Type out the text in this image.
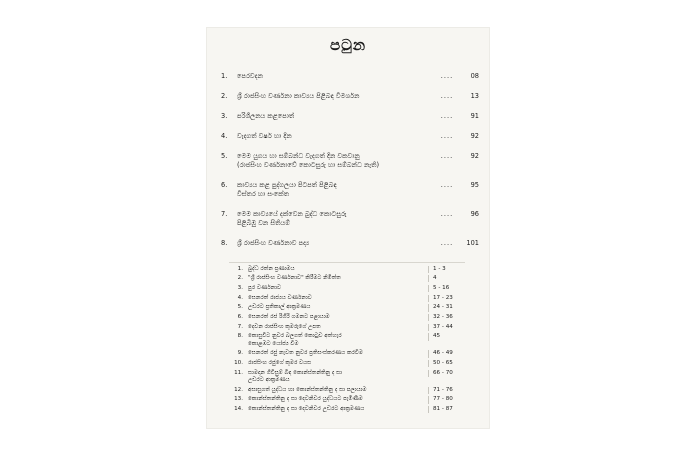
පටුන
1.	පෙරවදන	....	08
2.	ශ්‍රී රාජසිංහ වර්ණනා කාව්‍යය පිළිබඳ විමර්ශන	....	13
3.	පරිශීලනය කළපොත්	....	91
4.	වැදගත් වර්ෂ හා දින	....	92
5.	මෙම යුගය හා සම්බන්ධ වැදගත් දින වකවානු
(රාජසිංහ වර්ණනාවේ කොටසුරු හා සම්බන්ධ නැති)
....	92
6.	කාව්‍යය කළ පුද්ගලයා පිටපත් පිළිබඳ
විස්තර හා සංකේත
....	95
7.	මෙම කාව්‍යයේ දක්වෙන බුද්ධ කොටසුරු
පිළිබිඹු වන සිතියම්
....	96
8.	ශ්‍රී රාජසිංහ වර්ණනාව පද්‍ය	....	101
1. බුද්ධ රත්න ප්‍රණාමය	1 - 3
2. "ශ්‍රී රාජසිංහ වර්ණනාව" කිරීමට නිමිත්ත	4
3. පුර වර්ණනාව	5 - 16
4. සෙනරත් රාජ්‍යය වර්ණනාව	17 - 23
5. උඩරට ප්‍රතිකාල් ආක්‍රමණය	24 - 31
6. සෙනරත් රජ රිගිරි ගමනට පළායාම	32 - 36
7. දෙවන රාජසිංහ කුමරුගේ උපත	37 - 44
8. කොසුවිට නුවර බලගත් කොටුව අත්හැර
කොළඹට යෝජ්‍ය වීම
45
9. සෙනරත් රජු නැවත නුවර ප්‍රතිසංස්කරණය කරවීම	46 - 49
10. රාජසිංහ රජුගේ කුමර වයස	50 - 65
11. සාමදාන ගිවිසුම් බිඳ කොන්ස්තන්තිනු ද සා
උඩරට ආක්‍රමණය
66 - 70
12. අසාසුගත් යුද්ධය හා කොන්ස්තන්තිනු ද සා පලායාම	71 - 76
13. කොන්ස්තන්තිනු ද සා දෙවනිවර යුද්ධයට පැමිණීම	77 - 80
14. කොන්ස්තන්තිනු ද සා දෙවනිවර උඩරට ආක්‍රමණය	81 - 87
